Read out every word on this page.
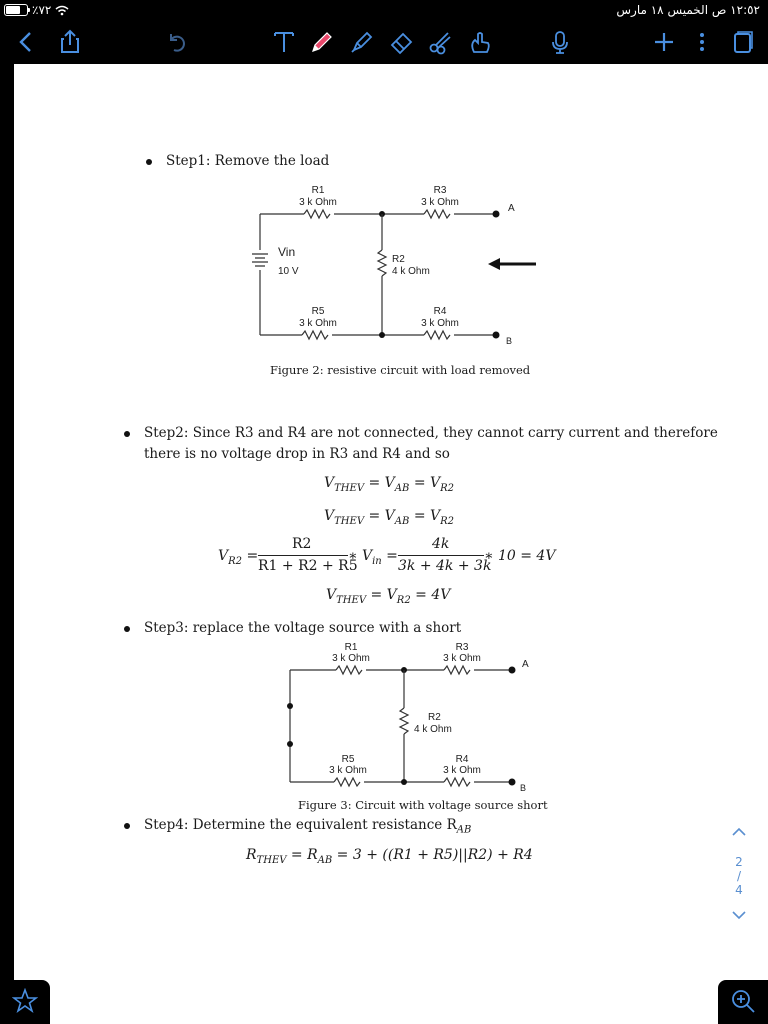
٪٧٢	١٢:٥٢ ص الخميس ١٨ مارس
Step1: Remove the load
R1
3 k Ohm
R3
3 k Ohm
A
Vin
10 V
R2
4 k Ohm
R5
3 k Ohm
R4
3 k Ohm
B
Figure 2: resistive circuit with load removed
Step2: Since R3 and R4 are not connected, they cannot carry current and therefore
there is no voltage drop in R3 and R4 and so
$V_{THEV} = V_{AB} = V_{R2}$
$V_{THEV} = V_{AB} = V_{R2}$
$V_{R2}$ =
R2
R1 + R2 + R5
∗ $V_{in}$ =
4k
3k + 4k + 3k
∗ 10 = 4V
$V_{THEV} = V_{R2} = 4V$
Step3: replace the voltage source with a short
R1
3 k Ohm
R3
3 k Ohm
A
R2
4 k Ohm
R5
3 k Ohm
R4
3 k Ohm
B
Figure 3: Circuit with voltage source short
Step4: Determine the equivalent resistance $R_{AB}$
$R_{THEV} = R_{AB} = 3 + ((R1 + R5)||R2) + R4$	2
/
4
